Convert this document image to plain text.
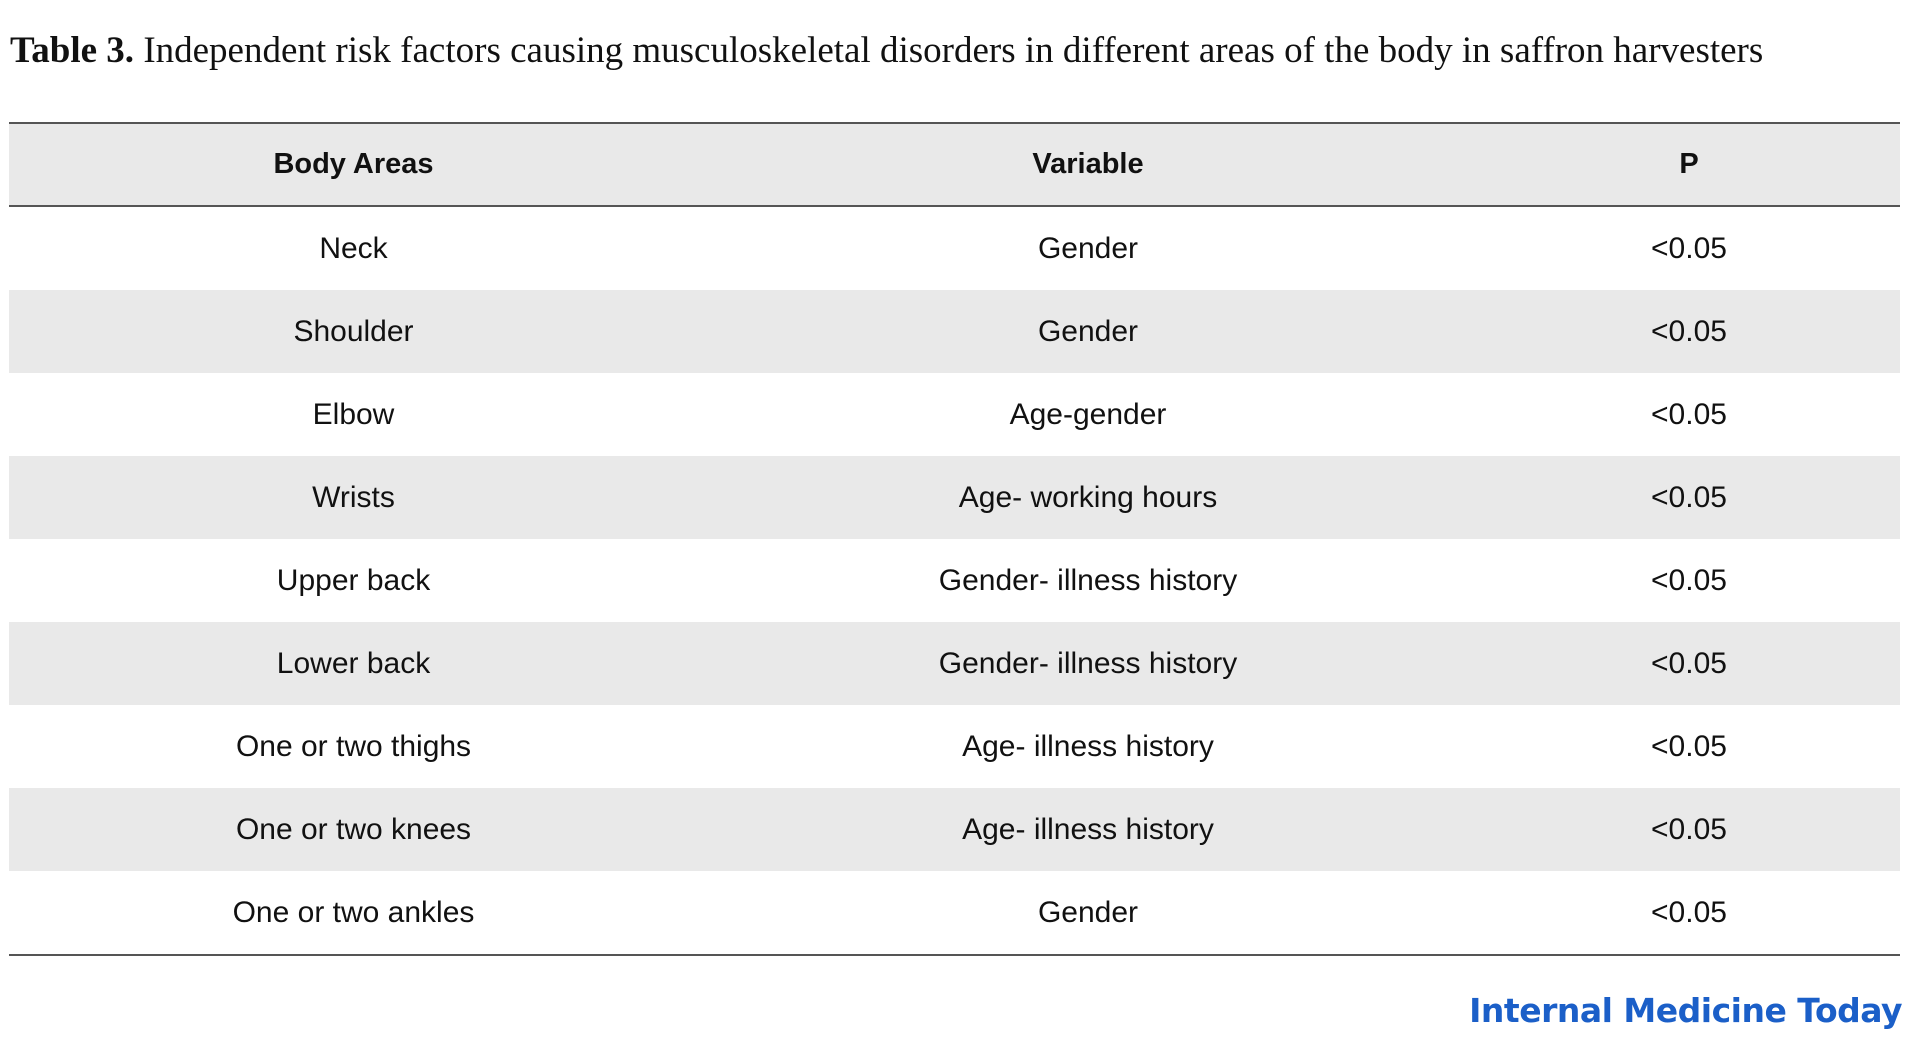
Table 3. Independent risk factors causing musculoskeletal disorders in different areas of the body in saffron harvesters
Body Areas	Variable	P
Neck	Gender	<0.05
Shoulder	Gender	<0.05
Elbow	Age-gender	<0.05
Wrists	Age- working hours	<0.05
Upper back	Gender- illness history	<0.05
Lower back	Gender- illness history	<0.05
One or two thighs	Age- illness history	<0.05
One or two knees	Age- illness history	<0.05
One or two ankles	Gender	<0.05
Internal Medicine Today
